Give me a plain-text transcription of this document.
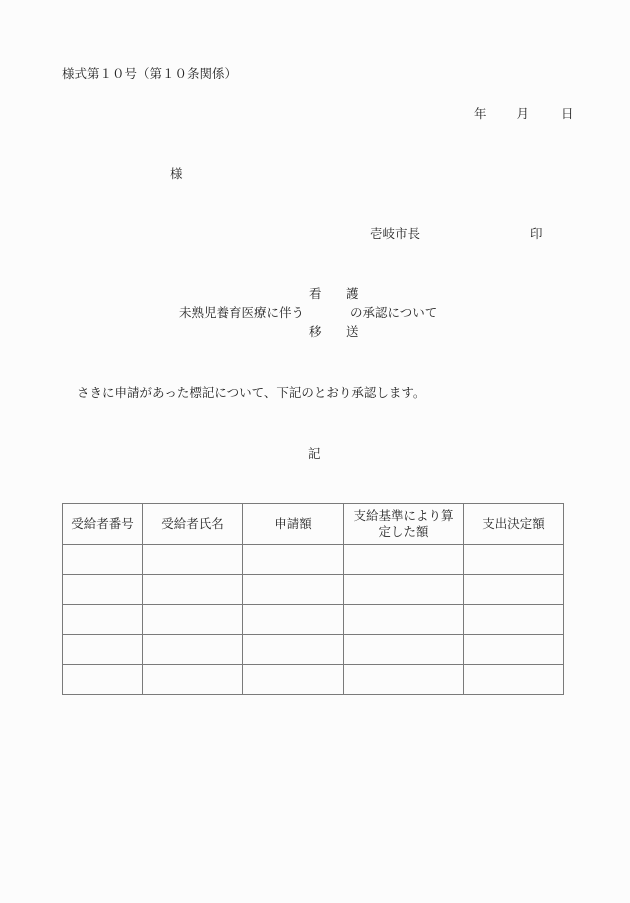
様式第１０号（第１０条関係）
年 月	日
様
壱岐市長	印
看　護
未熟児養育医療に伴う	の承認について
移　送
さきに申請があった標記について、下記のとおり承認します。
記
受給者番号	受給者氏名	申請額	支給基準により算定した額	支出決定額
